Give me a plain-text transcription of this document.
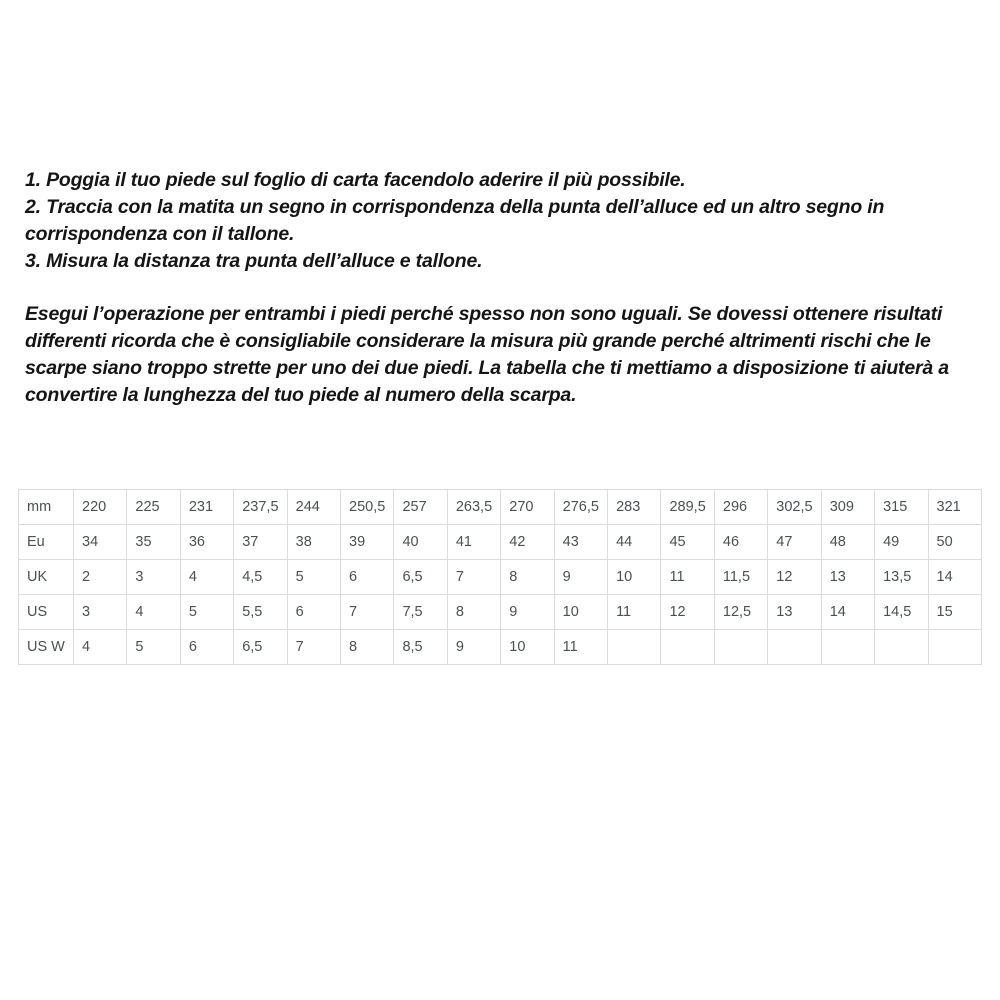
1. Poggia il tuo piede sul foglio di carta facendolo aderire il più possibile.

2. Traccia con la matita un segno in corrispondenza della punta dell’alluce ed un altro segno in corrispondenza con il tallone.

3. Misura la distanza tra punta dell’alluce e tallone.

Esegui l’operazione per entrambi i piedi perché spesso non sono uguali. Se dovessi ottenere risultati differenti ricorda che è consigliabile considerare la misura più grande perché altrimenti rischi che le scarpe siano troppo strette per uno dei due piedi. La tabella che ti mettiamo a disposizione ti aiuterà a convertire la lunghezza del tuo piede al numero della scarpa.

mm	220	225	231	237,5	244	250,5	257	263,5	270	276,5	283	289,5	296	302,5	309	315	321
Eu	34	35	36	37	38	39	40	41	42	43	44	45	46	47	48	49	50
UK	2	3	4	4,5	5	6	6,5	7	8	9	10	11	11,5	12	13	13,5	14
US	3	4	5	5,5	6	7	7,5	8	9	10	11	12	12,5	13	14	14,5	15
US W	4	5	6	6,5	7	8	8,5	9	10	11							
